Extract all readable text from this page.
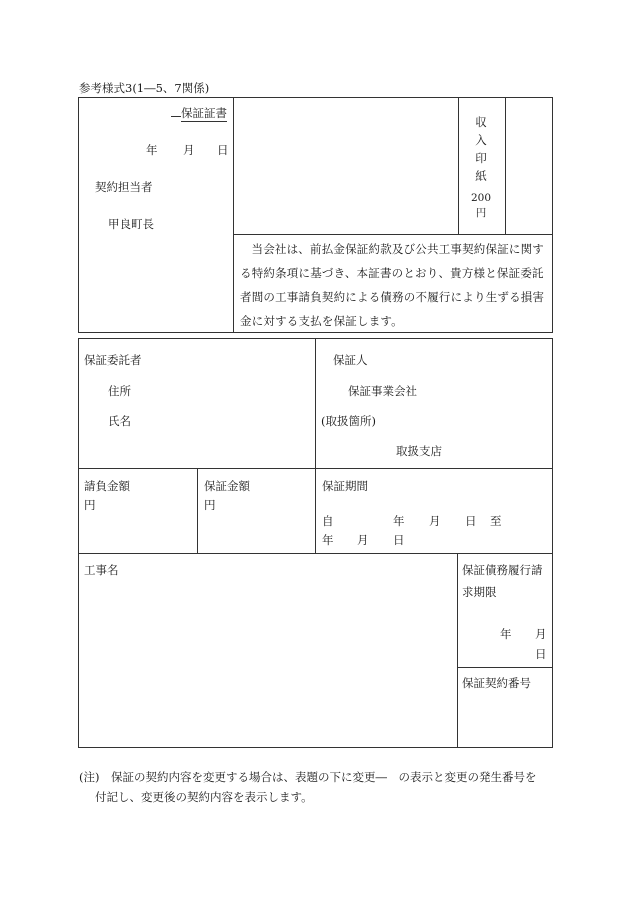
参考様式3(1―5、7関係)
保証証書
年 月 日
契約担当者
甲良町長
収
入
印
紙
200
円
当会社は、前払金保証約款及び公共工事契約保証に関する特約条項に基づき、本証書のとおり、貴方様と保証委託者間の工事請負契約による債務の不履行により生ずる損害金に対する支払を保証します。
保証委託者
住所
氏名
保証人
保証事業会社
(取扱箇所)
取扱支店
請負金額
円
保証金額
円
保証期間
自	年 月 日 至
年 月 日
工事名	保証債務履行請
求期限
年 月
日
保証契約番号
(注)　保証の契約内容を変更する場合は、表題の下に変更―　の表示と変更の発生番号を
付記し、変更後の契約内容を表示します。
